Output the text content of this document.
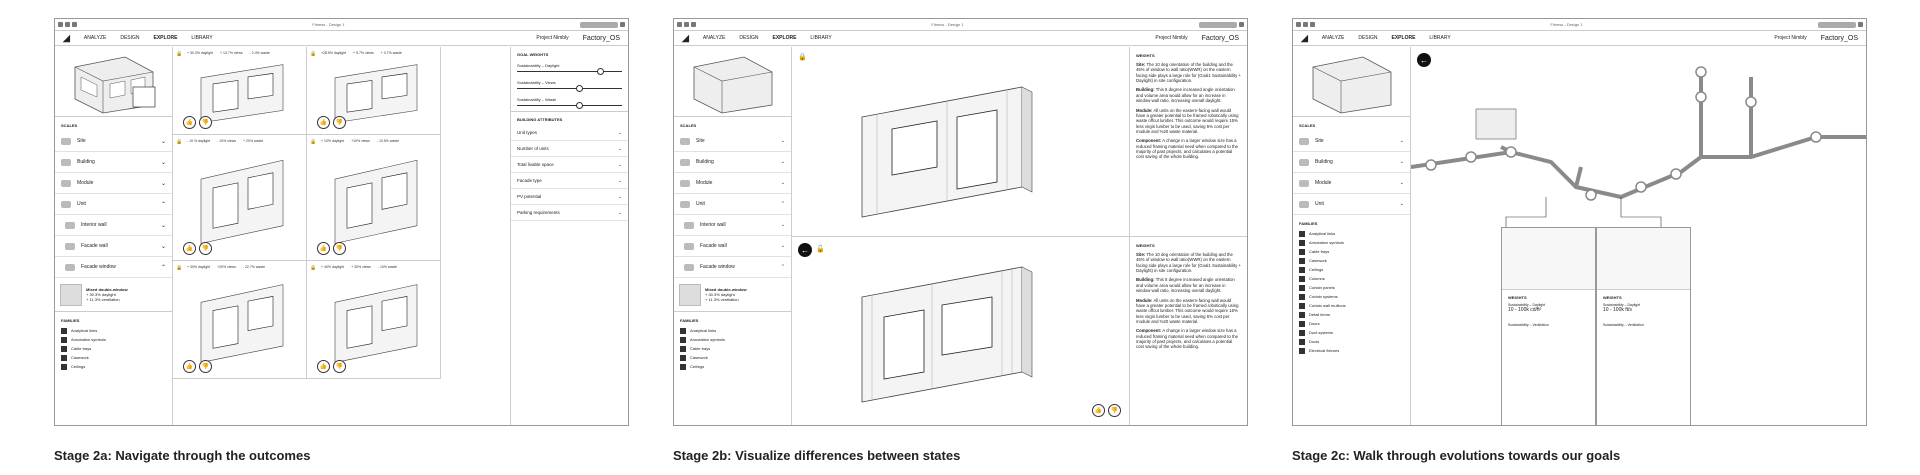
Fitness - Design 1
◢	ANALYZE	DESIGN	EXPLORE	LIBRARY	Project Nimbly Factory_OS
SCALES
Site	⌄
Building	⌄
Module	⌄
Unit	⌃
Interior wall	⌄
Facade wall	⌄
Facade window	⌃
Mixed double-window
+ 30.3% daylight
+ 11.3% ventilation
FAMILIES
Analytical links
Annotation symbols
Cable trays
Casework
Ceilings
🔒 + 30.3% daylight + 13.7% views - 2.4% waste
👍	👎
🔒 +28.5% daylight + 5.7% views + 0.7% waste
👍	👎
🔒 - 10 % daylight - 10% views + 20% waste
👍	👎
🔒 + 10% daylight +10% views - 10.5% waste
👍	👎
🔒 + 30% daylight +20% views - 22.7% waste
👍	👎
🔒 + 40% daylight + 30% views - 10% waste
👍	👎
GOAL WEIGHTS
Sustainability – Daylight
Sustainability – Views
Sustainability – Waste
BUILDING ATTRIBUTES
Unit types	⌄
Number of units	⌄
Total livable space	⌄
Facade type	⌄
PV potential	⌄
Parking requirements	⌄
Fitness - Design 1
◢	ANALYZE	DESIGN	EXPLORE	LIBRARY	Project Nimbly Factory_OS
SCALES
Site	⌄
Building	⌄
Module	⌄
Unit	⌃
Interior wall	⌄
Facade wall	⌄
Facade window	⌃
Mixed double-window
+ 30.3% daylight
+ 11.3% ventilation
FAMILIES
Analytical links
Annotation symbols
Cable trays
Casework
Ceilings
🔒
←	🔓
👍	👎
WEIGHTS

Site: The 10 deg orientation of the building and the 45% of window to wall ratio(WWR) on the eastern facing side plays a large role for (Goal1 Sustainability + Daylight) in site configuration.

Building: This 5 degree increased angle orientation and volume area would allow for an increase in window wall ratio, increasing overall daylight.

Module: All units on the eastern-facing wall would have a greater potential to be framed robotically using waste offcut lumber. This outcome would require 15% less virgin lumber to be used, saving 5% cost per module and %20 waste material.

Component: A change in a larger window size has a reduced framing material need when compared to the majority of past projects, and calculates a potential cost saving of the whole building.

WEIGHTS

Site: The 10 deg orientation of the building and the 45% of window to wall ratio(WWR) on the eastern facing side plays a large role for (Goal1 Sustainability + Daylight) in site configuration.

Building: This 5 degree increased angle orientation and volume area would allow for an increase in window wall ratio, increasing overall daylight.

Module: All units on the eastern-facing wall would have a greater potential to be framed robotically using waste offcut lumber. This outcome would require 15% less virgin lumber to be used, saving 5% cost per module and %20 waste material.

Component: A change in a larger window size has a reduced framing material need when compared to the majority of past projects, and calculates a potential cost saving of the whole building.

Fitness - Design 1
◢	ANALYZE	DESIGN	EXPLORE	LIBRARY	Project Nimbly Factory_OS
SCALES
Site	⌄
Building	⌄
Module	⌄
Unit	⌄
FAMILIES
Analytical links
Annotation symbols
Cable trays
Casework
Ceilings
Columns
Curtain panels
Curtain systems
Curtain wall mullions
Detail items
Doors
Duct systems
Ducts
Electrical fixtures
←
WEIGHTS
Sustainability – Daylight
10 - 100k cd/ft²
Sustainability – Ventilation
WEIGHTS
Sustainability – Daylight
10 - 100k ft/s
Sustainability – Ventilation
Stage 2a: Navigate through the outcomes	Stage 2b: Visualize differences between states	Stage 2c: Walk through evolutions towards our goals
